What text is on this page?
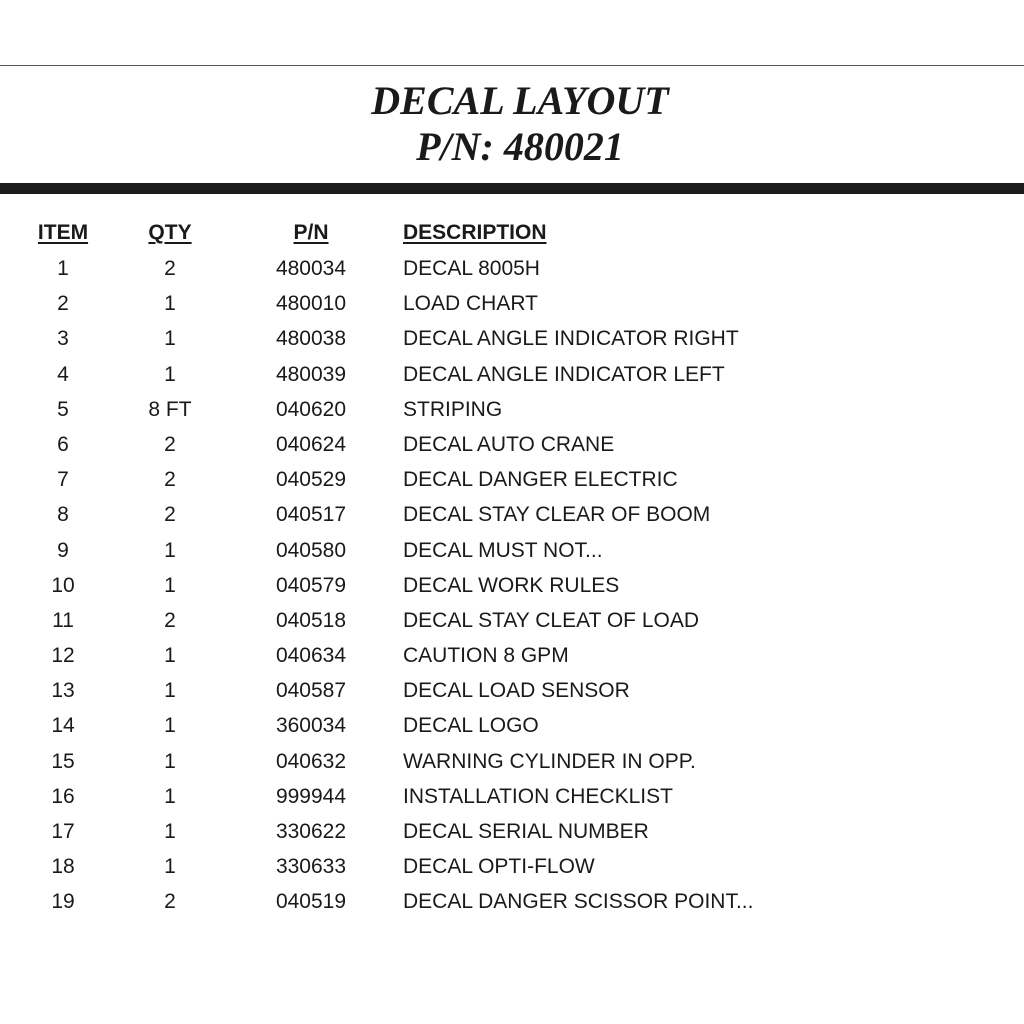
DECAL LAYOUT
P/N: 480021
ITEM	QTY	P/N	DESCRIPTION
1	2	480034	DECAL 8005H
2	1	480010	LOAD CHART
3	1	480038	DECAL ANGLE INDICATOR RIGHT
4	1	480039	DECAL ANGLE INDICATOR LEFT
5	8 FT	040620	STRIPING
6	2	040624	DECAL AUTO CRANE
7	2	040529	DECAL DANGER ELECTRIC
8	2	040517	DECAL STAY CLEAR OF BOOM
9	1	040580	DECAL MUST NOT...
10	1	040579	DECAL WORK RULES
11	2	040518	DECAL STAY CLEAT OF LOAD
12	1	040634	CAUTION 8 GPM
13	1	040587	DECAL LOAD SENSOR
14	1	360034	DECAL LOGO
15	1	040632	WARNING CYLINDER IN OPP.
16	1	999944	INSTALLATION CHECKLIST
17	1	330622	DECAL SERIAL NUMBER
18	1	330633	DECAL OPTI-FLOW
19	2	040519	DECAL DANGER SCISSOR POINT...
